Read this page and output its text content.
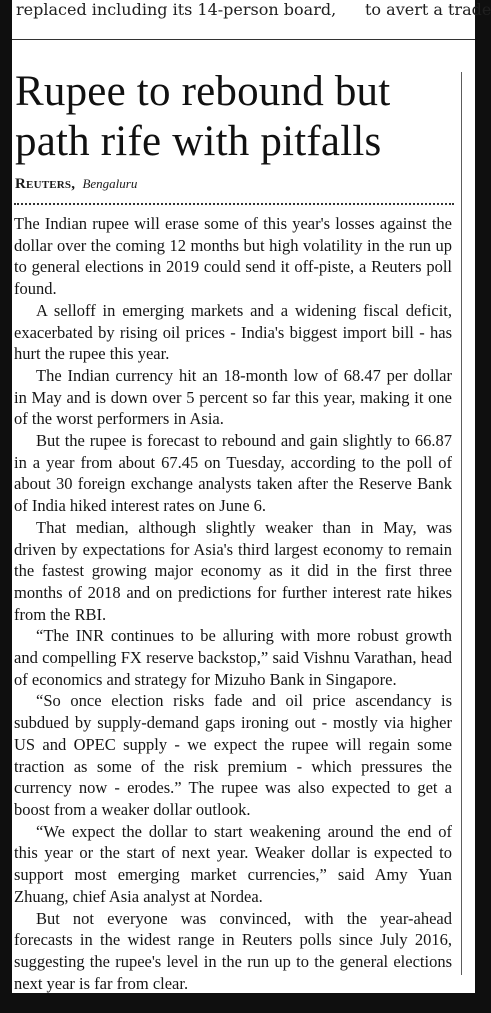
replaced including its 14-person board, to avert a trade
Rupee to rebound but path rife with pitfalls
Reuters, Bengaluru

The Indian rupee will erase some of this year's losses against the dollar over the coming 12 months but high volatility in the run up to general elections in 2019 could send it off-piste, a Reuters poll found.

A selloff in emerging markets and a widening fiscal deficit, exacerbated by rising oil prices - India's biggest import bill - has hurt the rupee this year.

The Indian currency hit an 18-month low of 68.47 per dollar in May and is down over 5 percent so far this year, making it one of the worst performers in Asia.

But the rupee is forecast to rebound and gain slightly to 66.87 in a year from about 67.45 on Tuesday, according to the poll of about 30 foreign exchange analysts taken after the Reserve Bank of India hiked interest rates on June 6.

That median, although slightly weaker than in May, was driven by expectations for Asia's third largest economy to remain the fastest growing major economy as it did in the first three months of 2018 and on predictions for further interest rate hikes from the RBI.

“The INR continues to be alluring with more robust growth and compelling FX reserve backstop,” said Vishnu Varathan, head of economics and strategy for Mizuho Bank in Singapore.

“So once election risks fade and oil price ascendancy is subdued by supply-demand gaps ironing out - mostly via higher US and OPEC supply - we expect the rupee will regain some traction as some of the risk premium - which pressures the currency now - erodes.” The rupee was also expected to get a boost from a weaker dollar outlook.

“We expect the dollar to start weakening around the end of this year or the start of next year. Weaker dollar is expected to support most emerging market currencies,” said Amy Yuan Zhuang, chief Asia analyst at Nordea.

But not everyone was convinced, with the year-ahead forecasts in the widest range in Reuters polls since July 2016, suggesting the rupee's level in the run up to the general elections next year is far from clear.
